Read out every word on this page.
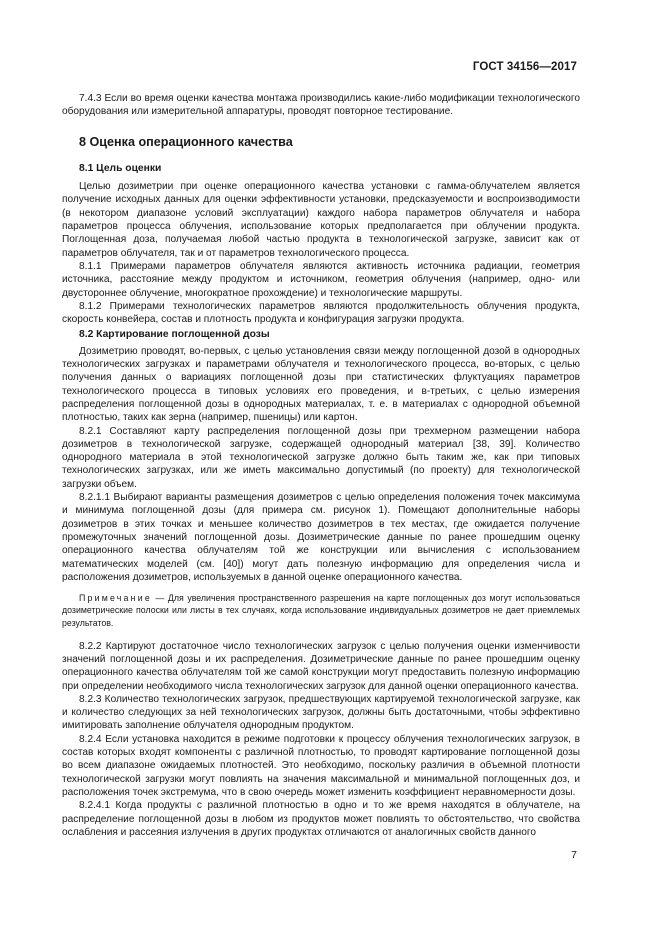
ГОСТ 34156—2017

7.4.3 Если во время оценки качества монтажа производились какие-либо модификации технологического оборудования или измерительной аппаратуры, проводят повторное тестирование.

8 Оценка операционного качества
8.1 Цель оценки

Целью дозиметрии при оценке операционного качества установки с гамма-облучателем является получение исходных данных для оценки эффективности установки, предсказуемости и воспроизводимости (в некотором диапазоне условий эксплуатации) каждого набора параметров облучателя и набора параметров процесса облучения, использование которых предполагается при облучении продукта. Поглощенная доза, получаемая любой частью продукта в технологической загрузке, зависит как от параметров облучателя, так и от параметров технологического процесса.

8.1.1 Примерами параметров облучателя являются активность источника радиации, геометрия источника, расстояние между продуктом и источником, геометрия облучения (например, одно- или двустороннее облучение, многократное прохождение) и технологические маршруты.

8.1.2 Примерами технологических параметров являются продолжительность облучения продукта, скорость конвейера, состав и плотность продукта и конфигурация загрузки продукта.

8.2 Картирование поглощенной дозы

Дозиметрию проводят, во-первых, с целью установления связи между поглощенной дозой в однородных технологических загрузках и параметрами облучателя и технологического процесса, во-вторых, с целью получения данных о вариациях поглощенной дозы при статистических флуктуациях параметров технологического процесса в типовых условиях его проведения, и в-третьих, с целью измерения распределения поглощенной дозы в однородных материалах, т. е. в материалах с однородной объемной плотностью, таких как зерна (например, пшеницы) или картон.

8.2.1 Составляют карту распределения поглощенной дозы при трехмерном размещении набора дозиметров в технологической загрузке, содержащей однородный материал [38, 39]. Количество однородного материала в этой технологической загрузке должно быть таким же, как при типовых технологических загрузках, или же иметь максимально допустимый (по проекту) для технологической загрузки объем.

8.2.1.1 Выбирают варианты размещения дозиметров с целью определения положения точек максимума и минимума поглощенной дозы (для примера см. рисунок 1). Помещают дополнительные наборы дозиметров в этих точках и меньшее количество дозиметров в тех местах, где ожидается получение промежуточных значений поглощенной дозы. Дозиметрические данные по ранее прошедшим оценку операционного качества облучателям той же конструкции или вычисления с использованием математических моделей (см. [40]) могут дать полезную информацию для определения числа и расположения дозиметров, используемых в данной оценке операционного качества.

Примечание — Для увеличения пространственного разрешения на карте поглощенных доз могут использоваться дозиметрические полоски или листы в тех случаях, когда использование индивидуальных дозиметров не дает приемлемых результатов.

8.2.2 Картируют достаточное число технологических загрузок с целью получения оценки изменчивости значений поглощенной дозы и их распределения. Дозиметрические данные по ранее прошедшим оценку операционного качества облучателям той же самой конструкции могут предоставить полезную информацию при определении необходимого числа технологических загрузок для данной оценки операционного качества.

8.2.3 Количество технологических загрузок, предшествующих картируемой технологической загрузке, как и количество следующих за ней технологических загрузок, должны быть достаточными, чтобы эффективно имитировать заполнение облучателя однородным продуктом.

8.2.4 Если установка находится в режиме подготовки к процессу облучения технологических загрузок, в состав которых входят компоненты с различной плотностью, то проводят картирование поглощенной дозы во всем диапазоне ожидаемых плотностей. Это необходимо, поскольку различия в объемной плотности технологической загрузки могут повлиять на значения максимальной и минимальной поглощенных доз, и расположения точек экстремума, что в свою очередь может изменить коэффициент неравномерности дозы.

8.2.4.1 Когда продукты с различной плотностью в одно и то же время находятся в облучателе, на распределение поглощенной дозы в любом из продуктов может повлиять то обстоятельство, что свойства ослабления и рассеяния излучения в других продуктах отличаются от аналогичных свойств данного

7
